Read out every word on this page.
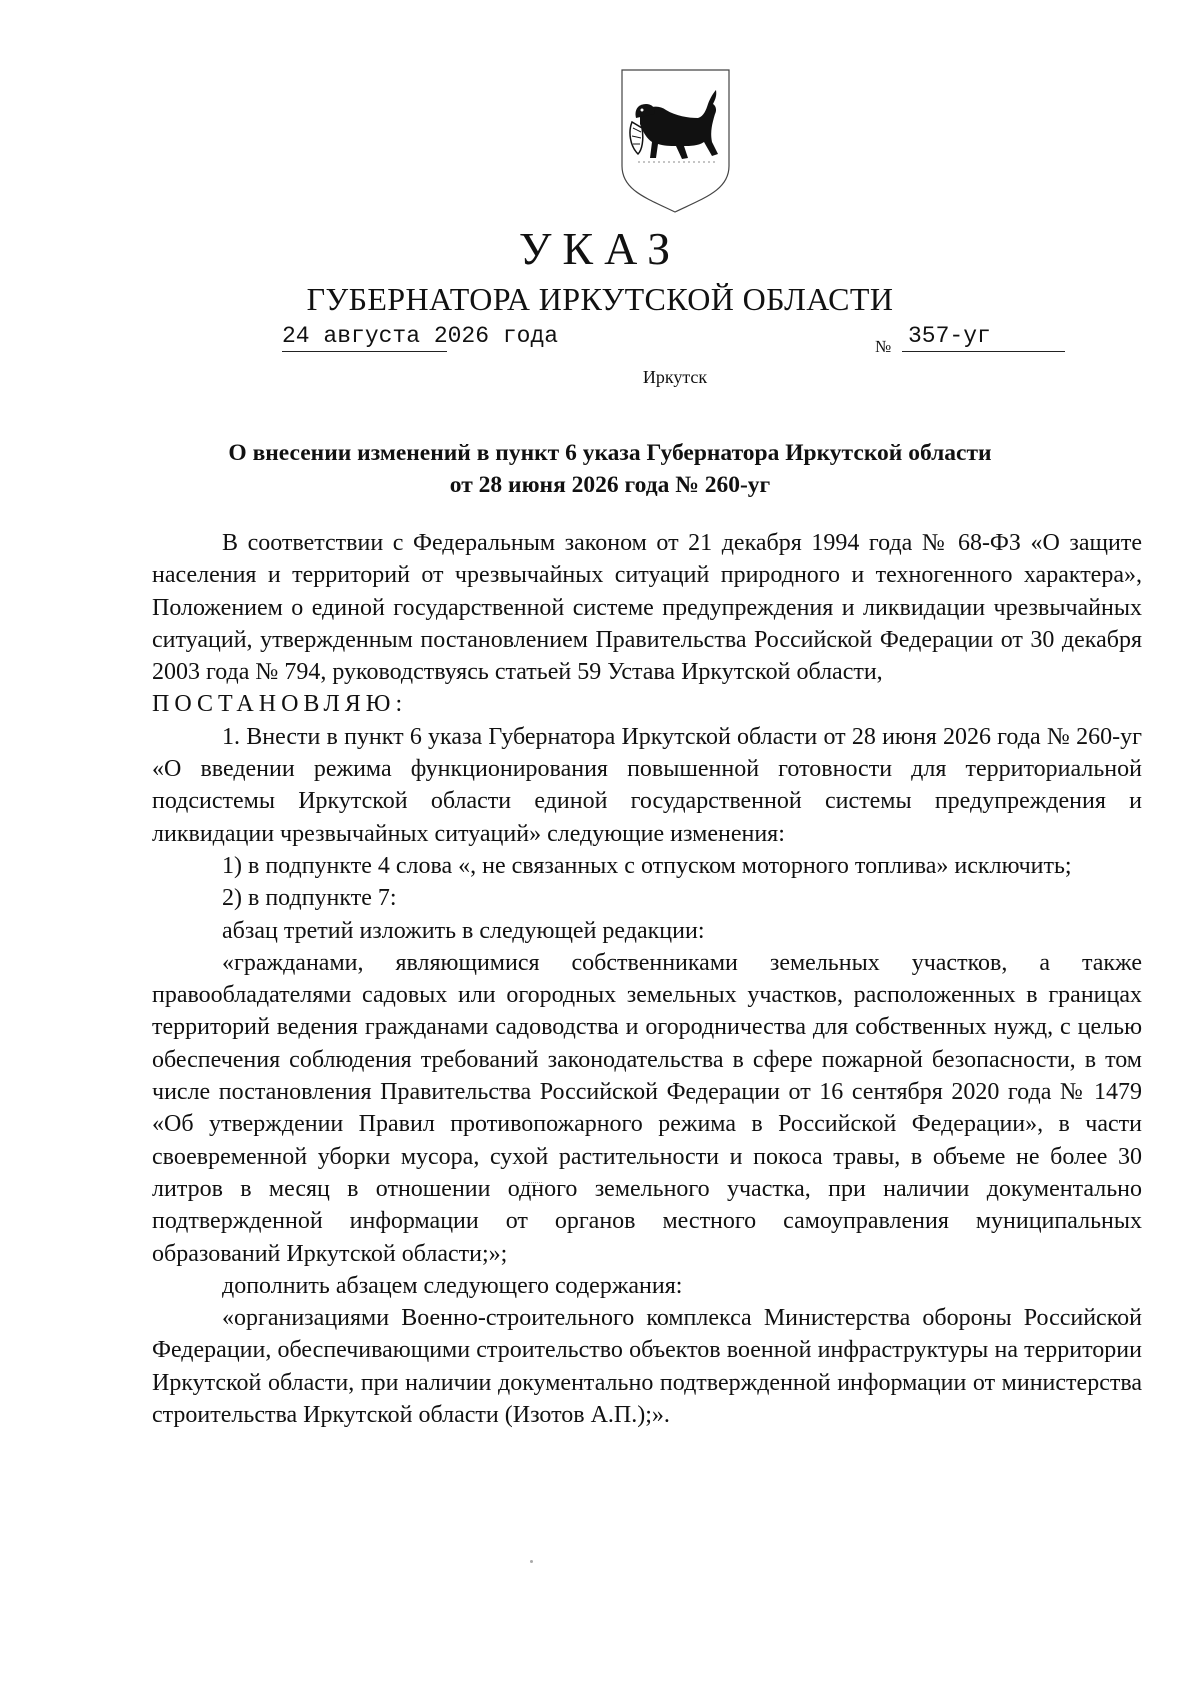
УКАЗ
ГУБЕРНАТОРА ИРКУТСКОЙ ОБЛАСТИ
24 августа 2026 года	№ 357-уг
Иркутск
О внесении изменений в пункт 6 указа Губернатора Иркутской области
от 28 июня 2026 года № 260-уг

В соответствии с Федеральным законом от 21 декабря 1994 года № 68-ФЗ «О защите населения и территорий от чрезвычайных ситуаций природного и техногенного характера», Положением о единой государственной системе предупреждения и ликвидации чрезвычайных ситуаций, утвержденным постановлением Правительства Российской Федерации от 30 декабря 2003 года № 794, руководствуясь статьей 59 Устава Иркутской области,

ПОСТАНОВЛЯЮ:

1. Внести в пункт 6 указа Губернатора Иркутской области от 28 июня 2026 года № 260-уг «О введении режима функционирования повышенной готовности для территориальной подсистемы Иркутской области единой государственной системы предупреждения и ликвидации чрезвычайных ситуаций» следующие изменения:

1) в подпункте 4 слова «, не связанных с отпуском моторного топлива» исключить;

2) в подпункте 7:

абзац третий изложить в следующей редакции:

«гражданами, являющимися собственниками земельных участков, а также правообладателями садовых или огородных земельных участков, расположенных в границах территорий ведения гражданами садоводства и огородничества для собственных нужд, с целью обеспечения соблюдения требований законодательства в сфере пожарной безопасности, в том числе постановления Правительства Российской Федерации от 16 сентября 2020 года № 1479 «Об утверждении Правил противопожарного режима в Российской Федерации», в части своевременной уборки мусора, сухой растительности и покоса травы, в объеме не более 30 литров в месяц в отношении одного земельного участка, при наличии документально подтвержденной информации от органов местного самоуправления муниципальных образований Иркутской области;»;

дополнить абзацем следующего содержания:

«организациями Военно-строительного комплекса Министерства обороны Российской Федерации, обеспечивающими строительство объектов военной инфраструктуры на территории Иркутской области, при наличии документально подтвержденной информации от министерства строительства Иркутской области (Изотов А.П.);».
